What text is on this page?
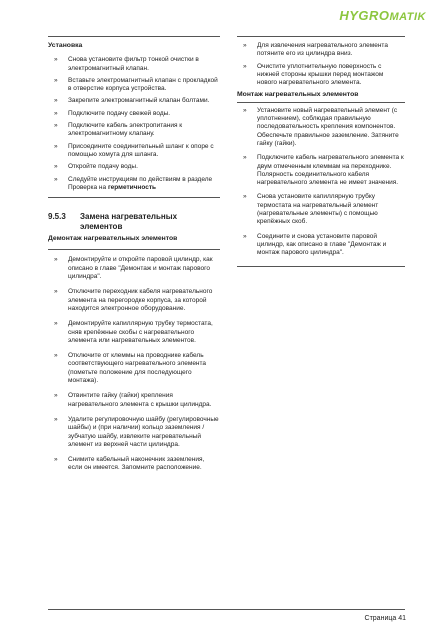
HYGROMATIK
Установка
»	Снова установите фильтр тонкой очистки в электромагнитный клапан.
»	Вставьте электромагнитный клапан с прокладкой в отверстие корпуса устройства.
»	Закрепите электромагнитный клапан болтами.
»	Подключите подачу свежей воды.
»	Подключите кабель электропитания к электромагнитному клапану.
»	Присоедините соединительный шланг к опоре с помощью хомута для шланга.
»	Откройте подачу воды.
»	Следуйте инструкциям по действиям в разделе Проверка на герметичность
9.5.3	Замена нагревательных элементов
Демонтаж нагревательных элементов
»	Демонтируйте и откройте паровой цилиндр, как описано в главе "Демонтаж и монтаж парового цилиндра".
»	Отключите переходник кабеля нагревательного элемента на перегородке корпуса, за которой находится электронное оборудование.
»	Демонтируйте капиллярную трубку термостата, сняв крепёжные скобы с нагревательного элемента или нагревательных элементов.
»	Отключите от клеммы на проводнике кабель соответствующего нагревательного элемента (пометьте положение для последующего монтажа).
»	Отвинтите гайку (гайки) крепления нагревательного элемента с крышки цилиндра.
»	Удалите регулировочную шайбу (регулировочные шайбы) и (при наличии) кольцо заземления / зубчатую шайбу, извлеките нагревательный элемент из верхней части цилиндра.
»	Снимите кабельный наконечник заземления, если он имеется. Запомните расположение.
»	Для извлечения нагревательного элемента потяните его из цилиндра вниз.
»	Очистите уплотнительную поверхность с нижней стороны крышки перед монтажом нового нагревательного элемента.
Монтаж нагревательных элементов
»	Установите новый нагревательный элемент (с уплотнением), соблюдая правильную последовательность крепления компонентов. Обеспечьте правильное заземление. Затяните гайку (гайки).
»	Подключите кабель нагревательного элемента к двум отмеченным клеммам на переходнике. Полярность соединительного кабеля нагревательного элемента не имеет значения.
»	Снова установите капиллярную трубку термостата на нагревательный элемент (нагревательные элементы) с помощью крепёжных скоб.
»	Соедините и снова установите паровой цилиндр, как описано в главе "Демонтаж и монтаж парового цилиндра".
Страница 41
